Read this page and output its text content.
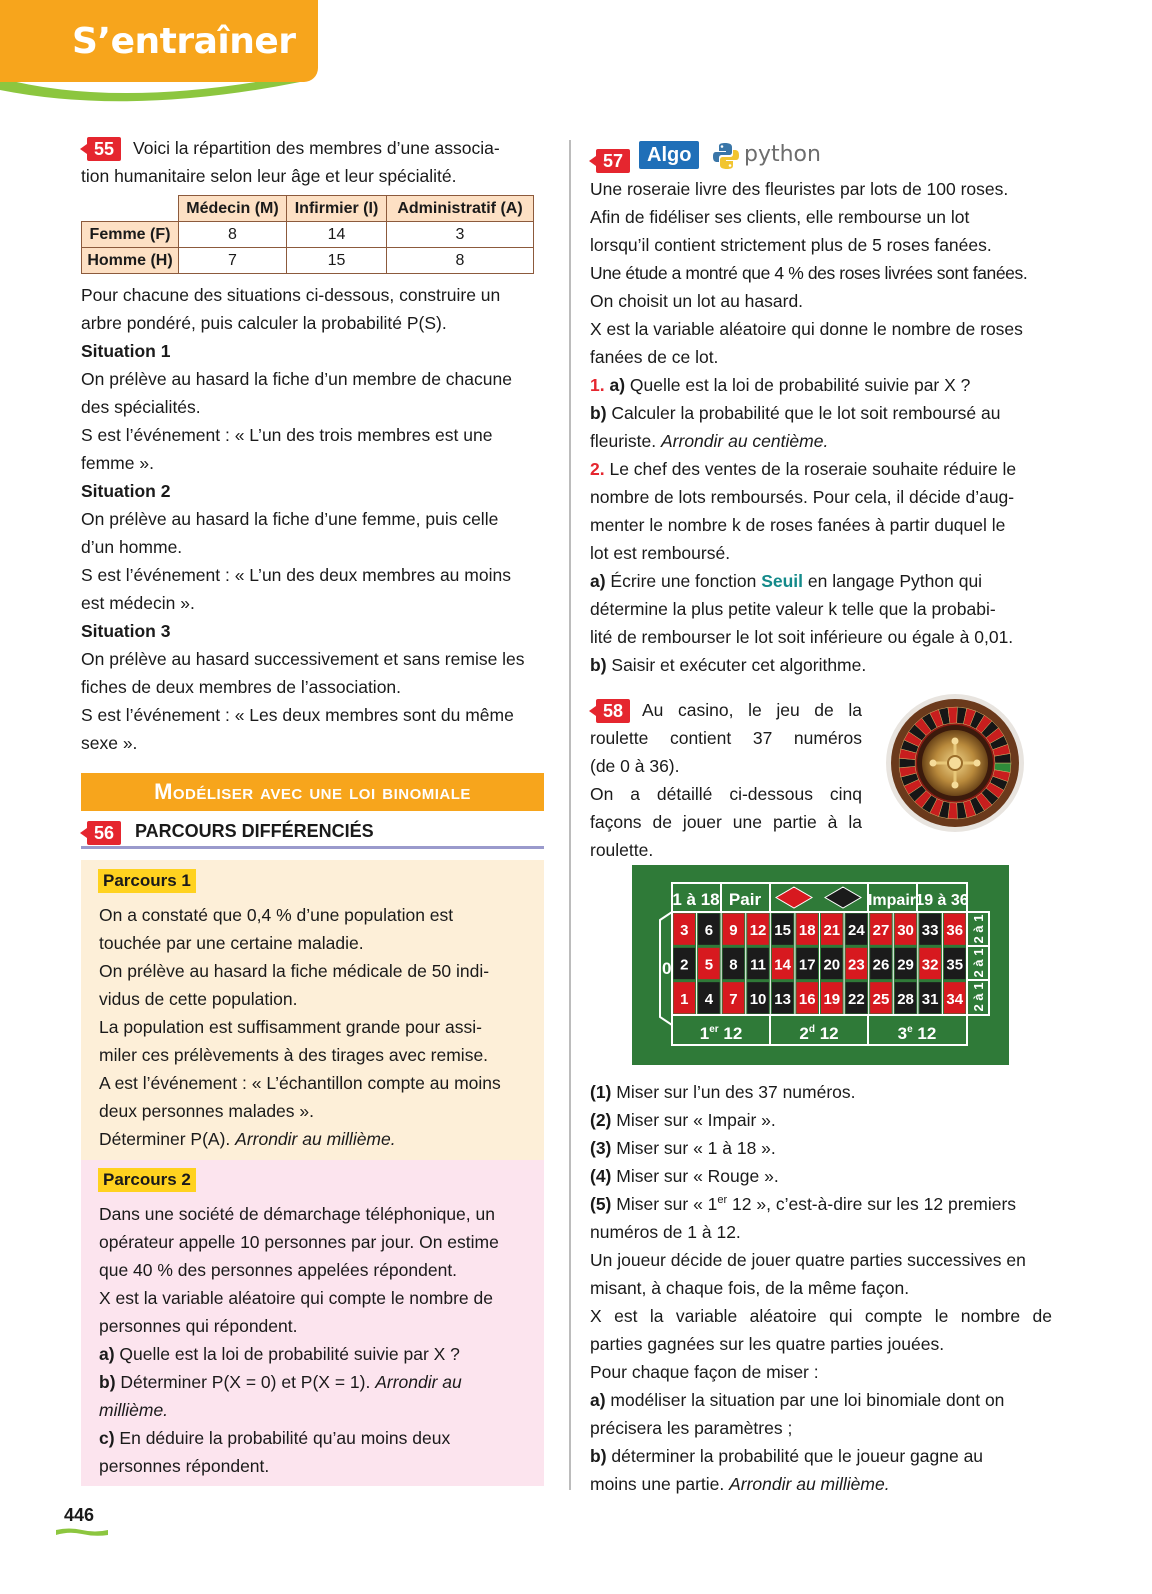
S’entraîner
55	Voici la répartition des membres d’une associa-

tion humanitaire selon leur âge et leur spécialité.

	Médecin (M)	Infirmier (I)	Administratif (A)
Femme (F)	8	14	3
Homme (H)	7	15	8

Pour chacune des situations ci-dessous, construire un

arbre pondéré, puis calculer la probabilité P(S).

Situation 1

On prélève au hasard la fiche d’un membre de chacune

des spécialités.

S est l’événement : « L’un des trois membres est une

femme ».

Situation 2

On prélève au hasard la fiche d’une femme, puis celle

d’un homme.

S est l’événement : « L’un des deux membres au moins

est médecin ».

Situation 3

On prélève au hasard successivement et sans remise les

fiches de deux membres de l’association.

S est l’événement : « Les deux membres sont du même

sexe ».

Modéliser avec une loi binomiale
56	PARCOURS DIFFÉRENCIÉS
Parcours 1

On a constaté que 0,4 % d’une population est

touchée par une certaine maladie.

On prélève au hasard la fiche médicale de 50 indi-

vidus de cette population.

La population est suffisamment grande pour assi-

miler ces prélèvements à des tirages avec remise.

A est l’événement : « L’échantillon compte au moins

deux personnes malades ».

Déterminer P(A). Arrondir au millième.

Parcours 2

Dans une société de démarchage téléphonique, un

opérateur appelle 10 personnes par jour. On estime

que 40 % des personnes appelées répondent.

X est la variable aléatoire qui compte le nombre de

personnes qui répondent.

a) Quelle est la loi de probabilité suivie par X ?

b) Déterminer P(X = 0) et P(X = 1). Arrondir au

millième.

c) En déduire la probabilité qu’au moins deux

personnes répondent.

57	Algo	python

Une roseraie livre des fleuristes par lots de 100 roses.

Afin de fidéliser ses clients, elle rembourse un lot

lorsqu’il contient strictement plus de 5 roses fanées.

Une étude a montré que 4 % des roses livrées sont fanées.

On choisit un lot au hasard.

X est la variable aléatoire qui donne le nombre de roses

fanées de ce lot.

1. a) Quelle est la loi de probabilité suivie par X ?

b) Calculer la probabilité que le lot soit remboursé au

fleuriste. Arrondir au centième.

2. Le chef des ventes de la roseraie souhaite réduire le

nombre de lots remboursés. Pour cela, il décide d’aug-

menter le nombre k de roses fanées à partir duquel le

lot est remboursé.

a) Écrire une fonction Seuil en langage Python qui

détermine la plus petite valeur k telle que la probabi-

lité de rembourser le lot soit inférieure ou égale à 0,01.

b) Saisir et exécuter cet algorithme.

58	Au casino, le jeu de la

roulette contient 37 numéros

(de 0 à 36).

On a détaillé ci-dessous cinq

façons de jouer une partie à la

roulette.

0
1 à 18 Pair	Impair 19 à 36
3 6 9 12 15 18 21 24 27 30 33 36
2 5 8 11 14 17 20 23 26 29 32 35
1 4 7 10 13 16 19 22 25 28 31 34
2 à 1
2 à 1
2 à 1
1er 12	2$^d$ 12	3e 12

(1) Miser sur l’un des 37 numéros.

(2) Miser sur « Impair ».

(3) Miser sur « 1 à 18 ».

(4) Miser sur « Rouge ».

(5) Miser sur « 1er 12 », c’est-à-dire sur les 12 premiers

numéros de 1 à 12.

Un joueur décide de jouer quatre parties successives en

misant, à chaque fois, de la même façon.

X est la variable aléatoire qui compte le nombre de

parties gagnées sur les quatre parties jouées.

Pour chaque façon de miser :

a) modéliser la situation par une loi binomiale dont on

précisera les paramètres ;

b) déterminer la probabilité que le joueur gagne au

moins une partie. Arrondir au millième.

446
